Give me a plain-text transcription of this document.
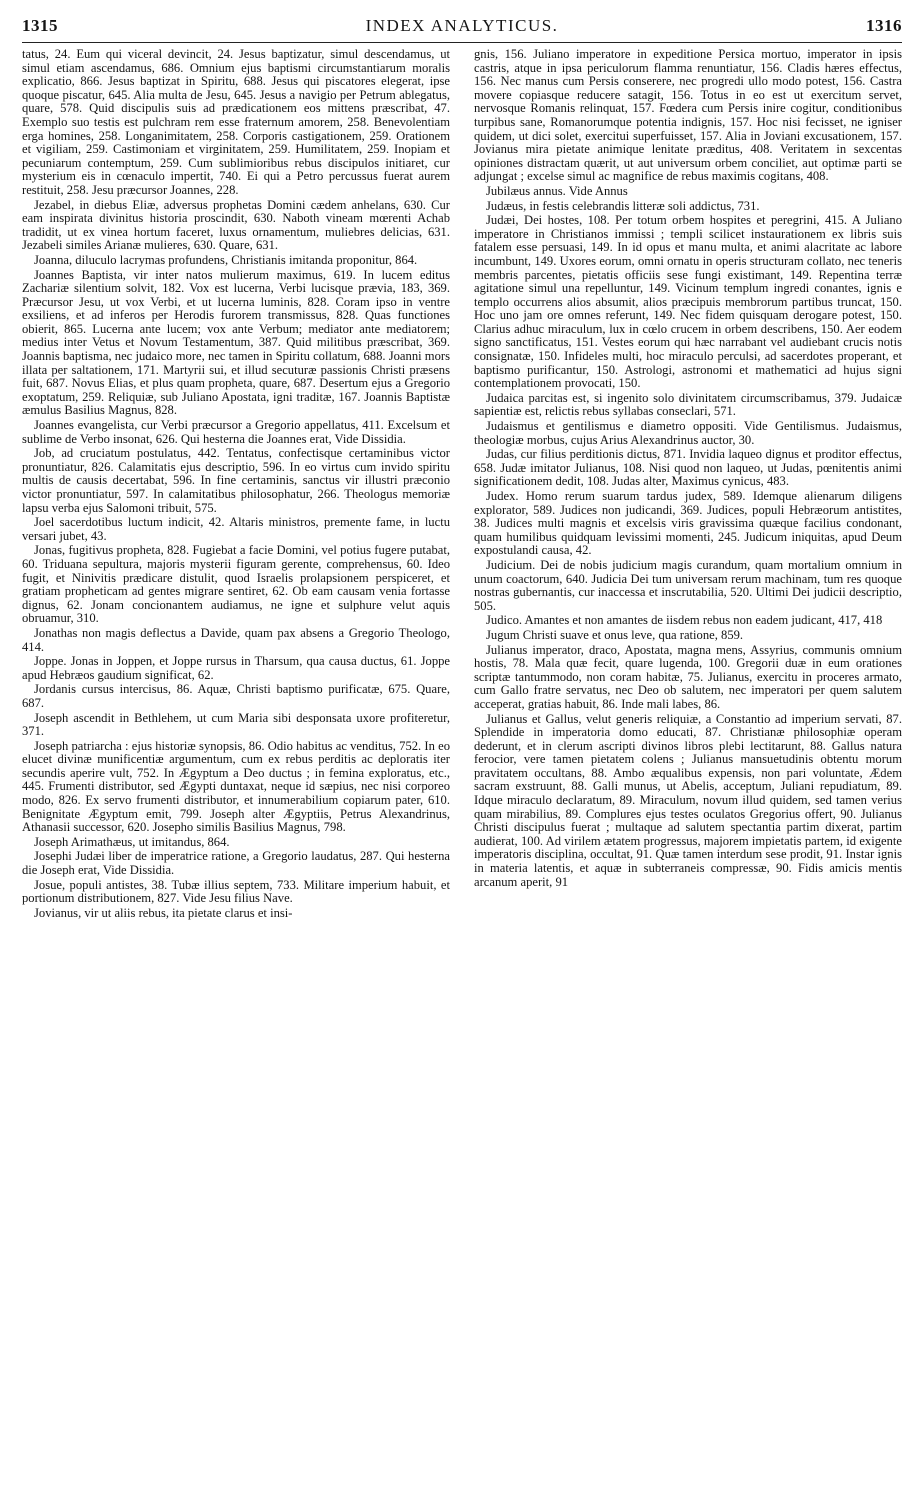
1315	INDEX ANALYTICUS.	1316

tatus, 24. Eum qui viceral devincit, 24. Jesus baptizatur, simul descendamus, ut simul etiam ascendamus, 686. Omnium ejus baptismi circumstantiarum moralis explicatio, 866. Jesus baptizat in Spiritu, 688. Jesus qui piscatores elegerat, ipse quoque piscatur, 645. Alia multa de Jesu, 645. Jesus a navigio per Petrum ablegatus, quare, 578. Quid discipulis suis ad prædicationem eos mittens præscribat, 47. Exemplo suo testis est pulchram rem esse fraternum amorem, 258. Benevolentiam erga homines, 258. Longanimitatem, 258. Corporis castigationem, 259. Orationem et vigiliam, 259. Castimoniam et virginitatem, 259. Humilitatem, 259. Inopiam et pecuniarum contemptum, 259. Cum sublimioribus rebus discipulos initiaret, cur mysterium eis in cœnaculo impertit, 740. Ei qui a Petro percussus fuerat aurem restituit, 258. Jesu præcursor Joannes, 228.

Jezabel, in diebus Eliæ, adversus prophetas Domini cædem anhelans, 630. Cur eam inspirata divinitus historia proscindit, 630. Naboth vineam mœrenti Achab tradidit, ut ex vinea hortum faceret, luxus ornamentum, muliebres delicias, 631. Jezabeli similes Arianæ mulieres, 630. Quare, 631.

Joanna, diluculo lacrymas profundens, Christianis imitanda proponitur, 864.

Joannes Baptista, vir inter natos mulierum maximus, 619. In lucem editus Zachariæ silentium solvit, 182. Vox est lucerna, Verbi lucisque prævia, 183, 369. Præcursor Jesu, ut vox Verbi, et ut lucerna luminis, 828. Coram ipso in ventre exsiliens, et ad inferos per Herodis furorem transmissus, 828. Quas functiones obierit, 865. Lucerna ante lucem; vox ante Verbum; mediator ante mediatorem; medius inter Vetus et Novum Testamentum, 387. Quid militibus præscribat, 369. Joannis baptisma, nec judaico more, nec tamen in Spiritu collatum, 688. Joanni mors illata per saltationem, 171. Martyrii sui, et illud secuturæ passionis Christi præsens fuit, 687. Novus Elias, et plus quam propheta, quare, 687. Desertum ejus a Gregorio exoptatum, 259. Reliquiæ, sub Juliano Apostata, igni traditæ, 167. Joannis Baptistæ æmulus Basilius Magnus, 828.

Joannes evangelista, cur Verbi præcursor a Gregorio appellatus, 411. Excelsum et sublime de Verbo insonat, 626. Qui hesterna die Joannes erat, Vide Dissidia.

Job, ad cruciatum postulatus, 442. Tentatus, confectisque certaminibus victor pronuntiatur, 826. Calamitatis ejus descriptio, 596. In eo virtus cum invido spiritu multis de causis decertabat, 596. In fine certaminis, sanctus vir illustri præconio victor pronuntiatur, 597. In calamitatibus philosophatur, 266. Theologus memoriæ lapsu verba ejus Salomoni tribuit, 575.

Joel sacerdotibus luctum indicit, 42. Altaris ministros, premente fame, in luctu versari jubet, 43.

Jonas, fugitivus propheta, 828. Fugiebat a facie Domini, vel potius fugere putabat, 60. Triduana sepultura, majoris mysterii figuram gerente, comprehensus, 60. Ideo fugit, et Ninivitis prædicare distulit, quod Israelis prolapsionem perspiceret, et gratiam propheticam ad gentes migrare sentiret, 62. Ob eam causam venia fortasse dignus, 62. Jonam concionantem audiamus, ne igne et sulphure velut aquis obruamur, 310.

Jonathas non magis deflectus a Davide, quam pax absens a Gregorio Theologo, 414.

Joppe. Jonas in Joppen, et Joppe rursus in Tharsum, qua causa ductus, 61. Joppe apud Hebræos gaudium significat, 62.

Jordanis cursus intercisus, 86. Aquæ, Christi baptismo purificatæ, 675. Quare, 687.

Joseph ascendit in Bethlehem, ut cum Maria sibi desponsata uxore profiteretur, 371.

Joseph patriarcha : ejus historiæ synopsis, 86. Odio habitus ac venditus, 752. In eo elucet divinæ munificentiæ argumentum, cum ex rebus perditis ac deploratis iter secundis aperire vult, 752. In Ægyptum a Deo ductus ; in femina exploratus, etc., 445. Frumenti distributor, sed Ægypti duntaxat, neque id sæpius, nec nisi corporeo modo, 826. Ex servo frumenti distributor, et innumerabilium copiarum pater, 610. Benignitate Ægyptum emit, 799. Joseph alter Ægyptiis, Petrus Alexandrinus, Athanasii successor, 620. Josepho similis Basilius Magnus, 798.

Joseph Arimathæus, ut imitandus, 864.

Josephi Judæi liber de imperatrice ratione, a Gregorio laudatus, 287. Qui hesterna die Joseph erat, Vide Dissidia.

Josue, populi antistes, 38. Tubæ illius septem, 733. Militare imperium habuit, et portionum distributionem, 827. Vide Jesu filius Nave.

Jovianus, vir ut aliis rebus, ita pietate clarus et insi-

gnis, 156. Juliano imperatore in expeditione Persica mortuo, imperator in ipsis castris, atque in ipsa periculorum flamma renuntiatur, 156. Cladis hæres effectus, 156. Nec manus cum Persis conserere, nec progredi ullo modo potest, 156. Castra movere copiasque reducere satagit, 156. Totus in eo est ut exercitum servet, nervosque Romanis relinquat, 157. Fœdera cum Persis inire cogitur, conditionibus turpibus sane, Romanorumque potentia indignis, 157. Hoc nisi fecisset, ne igniser quidem, ut dici solet, exercitui superfuisset, 157. Alia in Joviani excusationem, 157. Jovianus mira pietate animique lenitate præditus, 408. Veritatem in sexcentas opiniones distractam quærit, ut aut universum orbem conciliet, aut optimæ parti se adjungat ; excelse simul ac magnifice de rebus maximis cogitans, 408.

Jubilæus annus. Vide Annus

Judæus, in festis celebrandis litteræ soli addictus, 731.

Judæi, Dei hostes, 108. Per totum orbem hospites et peregrini, 415. A Juliano imperatore in Christianos immissi ; templi scilicet instaurationem ex libris suis fatalem esse persuasi, 149. In id opus et manu multa, et animi alacritate ac labore incumbunt, 149. Uxores eorum, omni ornatu in operis structuram collato, nec teneris membris parcentes, pietatis officiis sese fungi existimant, 149. Repentina terræ agitatione simul una repelluntur, 149. Vicinum templum ingredi conantes, ignis e templo occurrens alios absumit, alios præcipuis membrorum partibus truncat, 150. Hoc uno jam ore omnes referunt, 149. Nec fidem quisquam derogare potest, 150. Clarius adhuc miraculum, lux in cœlo crucem in orbem describens, 150. Aer eodem signo sanctificatus, 151. Vestes eorum qui hæc narrabant vel audiebant crucis notis consignatæ, 150. Infideles multi, hoc miraculo perculsi, ad sacerdotes properant, et baptismo purificantur, 150. Astrologi, astronomi et mathematici ad hujus signi contemplationem provocati, 150.

Judaica parcitas est, si ingenito solo divinitatem circumscribamus, 379. Judaicæ sapientiæ est, relictis rebus syllabas conseclari, 571.

Judaismus et gentilismus e diametro oppositi. Vide Gentilismus. Judaismus, theologiæ morbus, cujus Arius Alexandrinus auctor, 30.

Judas, cur filius perditionis dictus, 871. Invidia laqueo dignus et proditor effectus, 658. Judæ imitator Julianus, 108. Nisi quod non laqueo, ut Judas, pœnitentis animi significationem dedit, 108. Judas alter, Maximus cynicus, 483.

Judex. Homo rerum suarum tardus judex, 589. Idemque alienarum diligens explorator, 589. Judices non judicandi, 369. Judices, populi Hebræorum antistites, 38. Judices multi magnis et excelsis viris gravissima quæque facilius condonant, quam humilibus quidquam levissimi momenti, 245. Judicum iniquitas, apud Deum expostulandi causa, 42.

Judicium. Dei de nobis judicium magis curandum, quam mortalium omnium in unum coactorum, 640. Judicia Dei tum universam rerum machinam, tum res quoque nostras gubernantis, cur inaccessa et inscrutabilia, 520. Ultimi Dei judicii descriptio, 505.

Judico. Amantes et non amantes de iisdem rebus non eadem judicant, 417, 418

Jugum Christi suave et onus leve, qua ratione, 859.

Julianus imperator, draco, Apostata, magna mens, Assyrius, communis omnium hostis, 78. Mala quæ fecit, quare lugenda, 100. Gregorii duæ in eum orationes scriptæ tantummodo, non coram habitæ, 75. Julianus, exercitu in proceres armato, cum Gallo fratre servatus, nec Deo ob salutem, nec imperatori per quem salutem acceperat, gratias habuit, 86. Inde mali labes, 86.

Julianus et Gallus, velut generis reliquiæ, a Constantio ad imperium servati, 87. Splendide in imperatoria domo educati, 87. Christianæ philosophiæ operam dederunt, et in clerum ascripti divinos libros plebi lectitarunt, 88. Gallus natura ferocior, vere tamen pietatem colens ; Julianus mansuetudinis obtentu morum pravitatem occultans, 88. Ambo æqualibus expensis, non pari voluntate, Ædem sacram exstruunt, 88. Galli munus, ut Abelis, acceptum, Juliani repudiatum, 89. Idque miraculo declaratum, 89. Miraculum, novum illud quidem, sed tamen verius quam mirabilius, 89. Complures ejus testes oculatos Gregorius offert, 90. Julianus Christi discipulus fuerat ; multaque ad salutem spectantia partim dixerat, partim audierat, 100. Ad virilem ætatem progressus, majorem impietatis partem, id exigente imperatoris disciplina, occultat, 91. Quæ tamen interdum sese prodit, 91. Instar ignis in materia latentis, et aquæ in subterraneis compressæ, 90. Fidis amicis mentis arcanum aperit, 91
